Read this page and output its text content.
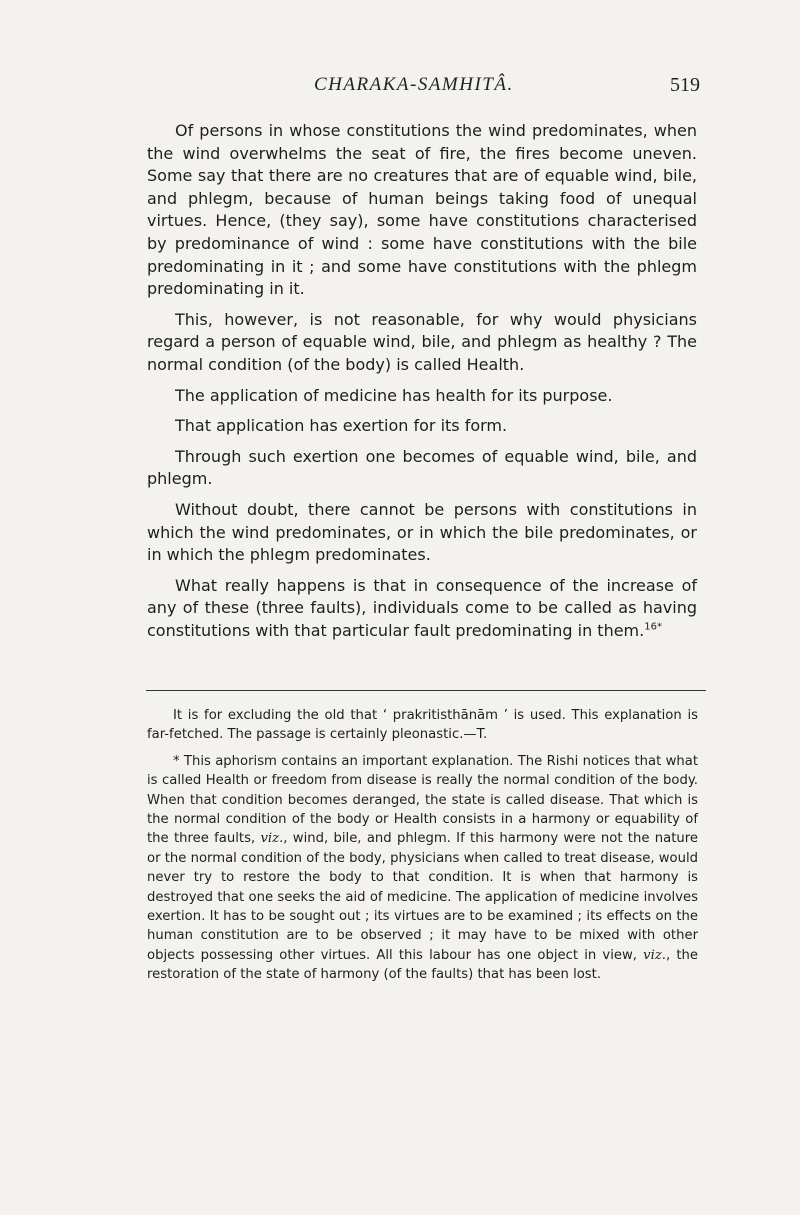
CHARAKA-SAMHITÂ.	519

Of persons in whose constitutions the wind predominates, when the wind overwhelms the seat of fire, the fires become uneven. Some say that there are no creatures that are of equable wind, bile, and phlegm, because of human beings taking food of unequal virtues. Hence, (they say), some have constitutions characterised by predominance of wind : some have constitutions with the bile predominating in it ; and some have constitutions with the phlegm predominating in it.

This, however, is not reasonable, for why would physicians regard a person of equable wind, bile, and phlegm as healthy ? The normal condition (of the body) is called Health.

The application of medicine has health for its purpose.

That application has exertion for its form.

Through such exertion one becomes of equable wind, bile, and phlegm.

Without doubt, there cannot be persons with constitutions in which the wind predominates, or in which the bile predominates, or in which the phlegm predominates.

What really happens is that in consequence of the increase of any of these (three faults), individuals come to be called as having constitutions with that particular fault predominating in them.$^{16*}$

It is for excluding the old that ‘ prakritisthānām ’ is used. This explanation is far-fetched. The passage is certainly pleonastic.—T.

* This aphorism contains an important explanation. The Rishi notices that what is called Health or freedom from disease is really the normal condition of the body. When that condition becomes deranged, the state is called disease. That which is the normal condition of the body or Health consists in a harmony or equability of the three faults, viz., wind, bile, and phlegm. If this harmony were not the nature or the normal condition of the body, physicians when called to treat disease, would never try to restore the body to that condition. It is when that harmony is destroyed that one seeks the aid of medicine. The application of medicine involves exertion. It has to be sought out ; its virtues are to be examined ; its effects on the human constitution are to be observed ; it may have to be mixed with other objects possessing other virtues. All this labour has one object in view, viz., the restoration of the state of harmony (of the faults) that has been lost.
